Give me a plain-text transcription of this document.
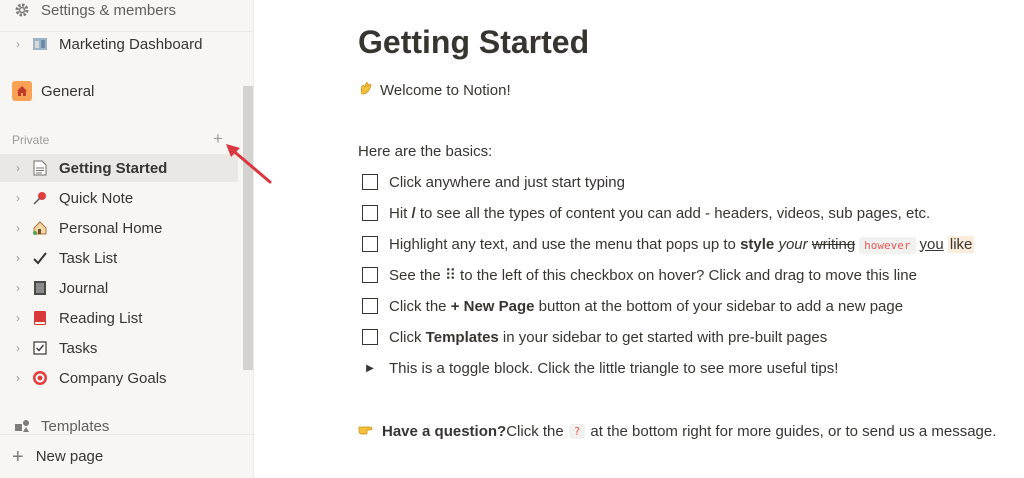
Settings & members
›	Marketing Dashboard
General
Private	+
›	Getting Started
›	Quick Note
›	Personal Home
›	Task List
›	Journal
›	Reading List
›	Tasks
›	Company Goals
Templates
+ New page
Getting Started
Welcome to Notion!
Here are the basics:
Click anywhere and just start typing
Hit / to see all the types of content you can add - headers, videos, sub pages, etc.
Highlight any text, and use the menu that pops up to style your writing however you like
See the ⠿ to the left of this checkbox on hover? Click and drag to move this line
Click the + New Page button at the bottom of your sidebar to add a new page
Click Templates in your sidebar to get started with pre-built pages
▶ This is a toggle block. Click the little triangle to see more useful tips!
Have a question? Click the ? at the bottom right for more guides, or to send us a message.
